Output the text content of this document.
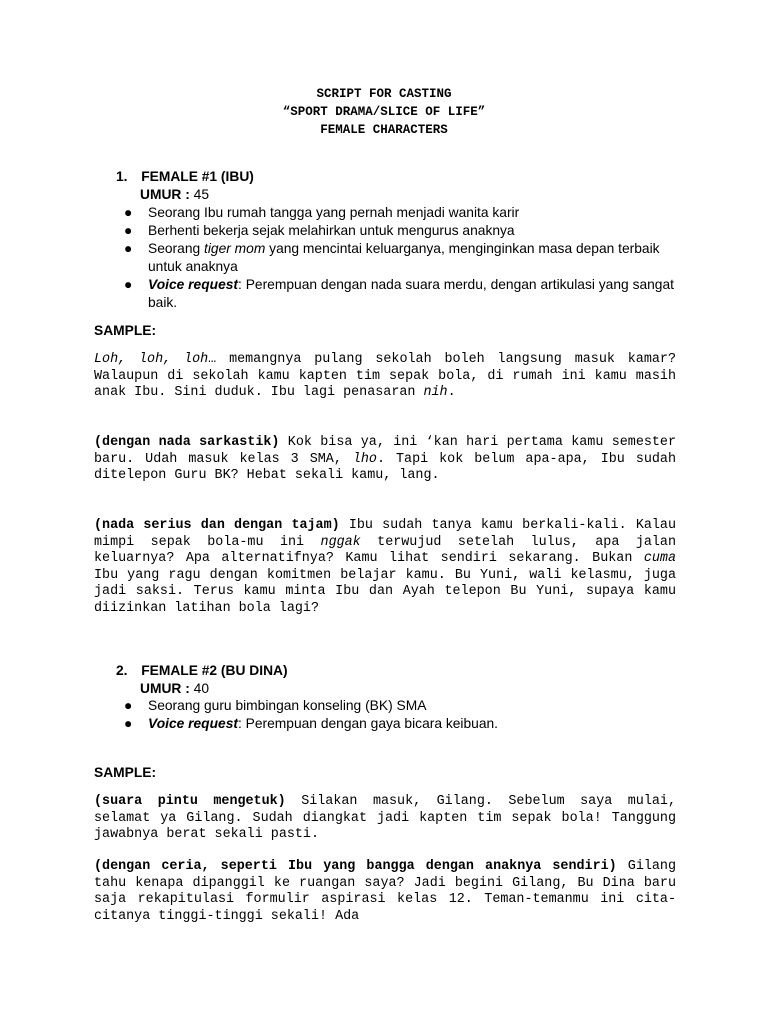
SCRIPT FOR CASTING
“SPORT DRAMA/SLICE OF LIFE”
FEMALE CHARACTERS
1. FEMALE #1 (IBU)
UMUR : 45
●	Seorang Ibu rumah tangga yang pernah menjadi wanita karir
●	Berhenti bekerja sejak melahirkan untuk mengurus anaknya
●	Seorang tiger mom yang mencintai keluarganya, menginginkan masa depan terbaik untuk anaknya
●	Voice request: Perempuan dengan nada suara merdu, dengan artikulasi yang sangat baik.
SAMPLE:
Loh, loh, loh… memangnya pulang sekolah boleh langsung masuk kamar? Walaupun di sekolah kamu kapten tim sepak bola, di rumah ini kamu masih anak Ibu. Sini duduk. Ibu lagi penasaran nih.
(dengan nada sarkastik) Kok bisa ya, ini ‘kan hari pertama kamu semester baru. Udah masuk kelas 3 SMA, lho. Tapi kok belum apa-apa, Ibu sudah ditelepon Guru BK? Hebat sekali kamu, lang.
(nada serius dan dengan tajam) Ibu sudah tanya kamu berkali-kali. Kalau mimpi sepak bola-mu ini nggak terwujud setelah lulus, apa jalan keluarnya? Apa alternatifnya? Kamu lihat sendiri sekarang. Bukan cuma Ibu yang ragu dengan komitmen belajar kamu. Bu Yuni, wali kelasmu, juga jadi saksi. Terus kamu minta Ibu dan Ayah telepon Bu Yuni, supaya kamu diizinkan latihan bola lagi?
2. FEMALE #2 (BU DINA)
UMUR : 40
●	Seorang guru bimbingan konseling (BK) SMA
●	Voice request: Perempuan dengan gaya bicara keibuan.
SAMPLE:
(suara pintu mengetuk) Silakan masuk, Gilang. Sebelum saya mulai, selamat ya Gilang. Sudah diangkat jadi kapten tim sepak bola! Tanggung jawabnya berat sekali pasti.
(dengan ceria, seperti Ibu yang bangga dengan anaknya sendiri) Gilang tahu kenapa dipanggil ke ruangan saya? Jadi begini Gilang, Bu Dina baru saja rekapitulasi formulir aspirasi kelas 12. Teman-temanmu ini cita-citanya tinggi-tinggi sekali! Ada
